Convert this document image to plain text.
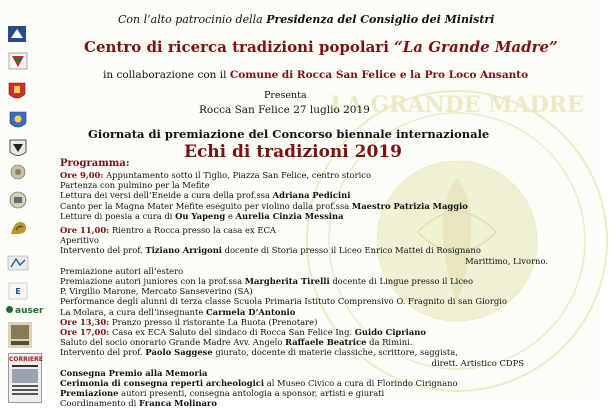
LA GRANDE MADRE
E
auser
CORRIERE
Con l’alto patrocinio della Presidenza del Consiglio dei Ministri
Centro di ricerca tradizioni popolari “La Grande Madre”
in collaborazione con il Comune di Rocca San Felice e la Pro Loco Ansanto
Presenta
Rocca San Felice 27 luglio 2019
Giornata di premiazione del Concorso biennale internazionale
Echi di tradizioni 2019
Programma:
Ore 9,00: Appuntamento sotto il Tiglio, Piazza San Felice, centro storico
Partenza con pulmino per la Mefite
Lettura dei versi dell’Eneide a cura della prof.ssa Adriana Pedicini
Canto per la Magna Mater Mefite eseguito per violino dalla prof.ssa Maestro Patrizia Maggio
Letture di poesia a cura di Ou Yapeng e Aurelia Cinzia Messina
Ore 11,00: Rientro a Rocca presso la casa ex ECA
Aperitivo
Intervento del prof. Tiziano Arrigoni docente di Storia presso il Liceo Enrico Mattei di Rosignano
Marittimo, Livorno.
Premiazione autori all’estero
Premiazione autori juniores con la prof.ssa Margherita Tirelli docente di Lingue presso il Liceo
P. Virgilio Marone, Mercato Sanseverino (SA)
Performance degli alunni di terza classe Scuola Primaria Istituto Comprensivo O. Fragnito di san Giorgio
La Molara, a cura dell’insegnante Carmela D’Antonio
Ore 13,30: Pranzo presso il ristorante La Ruota (Prenotare)
Ore 17,00: Casa ex ECA Saluto del sindaco di Rocca San Felice Ing. Guido Cipriano
Saluto del socio onorario Grande Madre Avv. Angelo Raffaele Beatrice da Rimini.
Intervento del prof. Paolo Saggese giurato, docente di materie classiche, scrittore, saggista,
dirett. Artistico CDPS
Consegna Premio alla Memoria
Cerimonia di consegna reperti archeologici al Museo Civico a cura di Florindo Cirignano
Premiazione autori presenti, consegna antologia a sponsor, artisti e giurati
Coordinamento di Franca Molinaro
